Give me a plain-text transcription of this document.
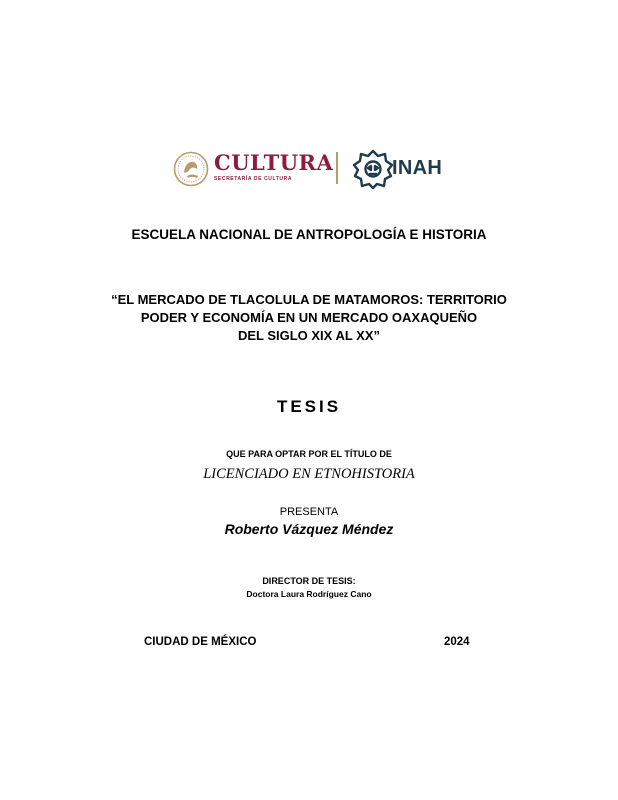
CULTURA
SECRETARÍA DE CULTURA	INAH
ESCUELA NACIONAL DE ANTROPOLOGÍA E HISTORIA
“EL MERCADO DE TLACOLULA DE MATAMOROS: TERRITORIO
PODER Y ECONOMÍA EN UN MERCADO OAXAQUEÑO
DEL SIGLO XIX AL XX”
TESIS
QUE PARA OPTAR POR EL TÍTULO DE
LICENCIADO EN ETNOHISTORIA
PRESENTA
Roberto Vázquez Méndez
DIRECTOR DE TESIS:
Doctora Laura Rodríguez Cano
CIUDAD DE MÉXICO	2024
